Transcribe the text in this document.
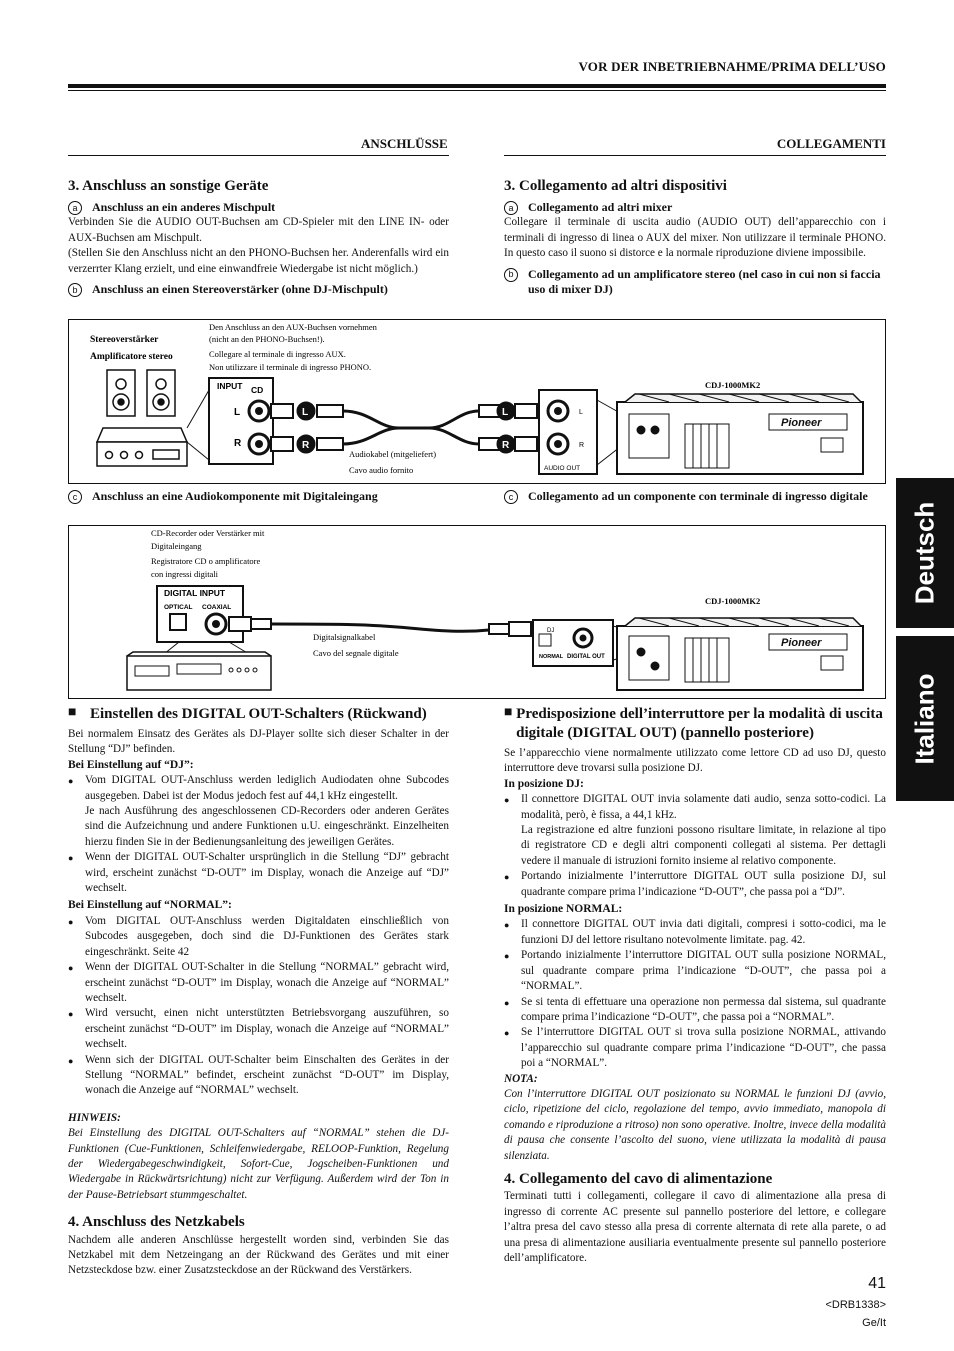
VOR DER INBETRIEBNAHME/PRIMA DELL’USO
ANSCHLÜSSE	COLLEGAMENTI
3. Anschluss an sonstige Geräte
a	Anschluss an ein anderes Mischpult

Verbinden Sie die AUDIO OUT-Buchsen am CD-Spieler mit den LINE IN- oder AUX-Buchsen am Mischpult.

(Stellen Sie den Anschluss nicht an den PHONO-Buchsen her. Anderenfalls wird ein verzerrter Klang erzielt, und eine einwandfreie Wiedergabe ist nicht möglich.)

b	Anschluss an einen Stereoverstärker (ohne DJ-Mischpult)
3. Collegamento ad altri dispositivi
a	Collegamento ad altri mixer

Collegare il terminale di uscita audio (AUDIO OUT) dell’apparecchio con i terminali di ingresso di linea o AUX del mixer. Non utilizzare il terminale PHONO. In questo caso il suono si distorce e la normale riproduzione diviene impossibile.

b	Collegamento ad un amplificatore stereo (nel caso in cui non si faccia uso di mixer DJ)
Stereoverstärker
Amplificatore stereo
Den Anschluss an den AUX-Buchsen vornehmen
(nicht an den PHONO-Buchsen!).
Collegare al terminale di ingresso AUX.
Non utilizzare il terminale di ingresso PHONO.
INPUT CD
L
R
L
R
L
R
Audiokabel (mitgeliefert)
Cavo audio fornito
L
R
AUDIO OUT
CDJ-1000MK2
Pioneer
c	Anschluss an eine Audiokomponente mit Digitaleingang	c	Collegamento ad un componente con terminale di ingresso digitale
CD-Recorder oder Verstärker mit
Digitaleingang
Registratore CD o amplificatore
con ingressi digitali
DIGITAL INPUT
OPTICAL COAXIAL
Digitalsignalkabel
Cavo del segnale digitale
DJ
NORMAL DIGITAL OUT
CDJ-1000MK2
Pioneer
■ Einstellen des DIGITAL OUT-Schalters (Rückwand)

Bei normalem Einsatz des Gerätes als DJ-Player sollte sich dieser Schalter in der Stellung “DJ” befinden.

Bei Einstellung auf “DJ”:
●	Vom DIGITAL OUT-Anschluss werden lediglich Audiodaten ohne Subcodes ausgegeben. Dabei ist der Modus jedoch fest auf 44,1 kHz eingestellt.
Je nach Ausführung des angeschlossenen CD-Recorders oder anderen Gerätes sind die Aufzeichnung und andere Funktionen u.U. eingeschränkt. Einzelheiten hierzu finden Sie in der Bedienungsanleitung des jeweiligen Gerätes.
●	Wenn der DIGITAL OUT-Schalter ursprünglich in die Stellung “DJ” gebracht wird, erscheint zunächst “D-OUT” im Display, wonach die Anzeige auf “DJ” wechselt.
Bei Einstellung auf “NORMAL”:
●	Vom DIGITAL OUT-Anschluss werden Digitaldaten einschließlich von Subcodes ausgegeben, doch sind die DJ-Funktionen des Gerätes stark eingeschränkt. Seite 42
●	Wenn der DIGITAL OUT-Schalter in die Stellung “NORMAL” gebracht wird, erscheint zunächst “D-OUT” im Display, wonach die Anzeige auf “NORMAL” wechselt.
●	Wird versucht, einen nicht unterstützten Betriebsvorgang auszuführen, so erscheint zunächst “D-OUT” im Display, wonach die Anzeige auf “NORMAL” wechselt.
●	Wenn sich der DIGITAL OUT-Schalter beim Einschalten des Gerätes in der Stellung “NORMAL” befindet, erscheint zunächst “D-OUT” im Display, wonach die Anzeige auf “NORMAL” wechselt.
HINWEIS:

Bei Einstellung des DIGITAL OUT-Schalters auf “NORMAL” stehen die DJ-Funktionen (Cue-Funktionen, Schleifenwiedergabe, RELOOP-Funktion, Regelung der Wiedergabegeschwindigkeit, Sofort-Cue, Jogscheiben-Funktionen und Wiedergabe in Rückwärtsrichtung) nicht zur Verfügung. Außerdem wird der Ton in der Pause-Betriebsart stummgeschaltet.

4. Anschluss des Netzkabels

Nachdem alle anderen Anschlüsse hergestellt worden sind, verbinden Sie das Netzkabel mit dem Netzeingang an der Rückwand des Gerätes und mit einer Netzsteckdose bzw. einer Zusatzsteckdose an der Rückwand des Verstärkers.

■ Predisposizione dell’interruttore per la modalità di uscita digitale (DIGITAL OUT) (pannello posteriore)

Se l’apparecchio viene normalmente utilizzato come lettore CD ad uso DJ, questo interruttore deve trovarsi sulla posizione DJ.

In posizione DJ:
●	Il connettore DIGITAL OUT invia solamente dati audio, senza sotto-codici. La modalità, però, è fissa, a 44,1 kHz.
La registrazione ed altre funzioni possono risultare limitate, in relazione al tipo di registratore CD e degli altri componenti collegati al sistema. Per dettagli vedere il manuale di istruzioni fornito insieme al relativo componente.
●	Portando inizialmente l’interruttore DIGITAL OUT sulla posizione DJ, sul quadrante compare prima l’indicazione “D-OUT”, che passa poi a “DJ”.
In posizione NORMAL:
●	Il connettore DIGITAL OUT invia dati digitali, compresi i sotto-codici, ma le funzioni DJ del lettore risultano notevolmente limitate. pag. 42.
●	Portando inizialmente l’interruttore DIGITAL OUT sulla posizione NORMAL, sul quadrante compare prima l’indicazione “D-OUT”, che passa poi a “NORMAL”.
●	Se si tenta di effettuare una operazione non permessa dal sistema, sul quadrante compare prima l’indicazione “D-OUT”, che passa poi a “NORMAL”.
●	Se l’interruttore DIGITAL OUT si trova sulla posizione NORMAL, attivando l’apparecchio sul quadrante compare prima l’indicazione “D-OUT”, che passa poi a “NORMAL”.
NOTA:

Con l’interruttore DIGITAL OUT posizionato su NORMAL le funzioni DJ (avvio, ciclo, ripetizione del ciclo, regolazione del tempo, avvio immediato, manopola di comando e riproduzione a ritroso) non sono operative. Inoltre, invece della modalità di pausa che consente l’ascolto del suono, viene utilizzata la modalità di pausa silenziata.

4. Collegamento del cavo di alimentazione

Terminati tutti i collegamenti, collegare il cavo di alimentazione alla presa di ingresso di corrente AC presente sul pannello posteriore del lettore, e collegare l’altra presa del cavo stesso alla presa di corrente alternata di rete alla parete, o ad una presa di alimentazione ausiliaria eventualmente presente sul pannello posteriore dell’amplificatore.

Deutsch
Italiano
41
<DRB1338>
Ge/It
